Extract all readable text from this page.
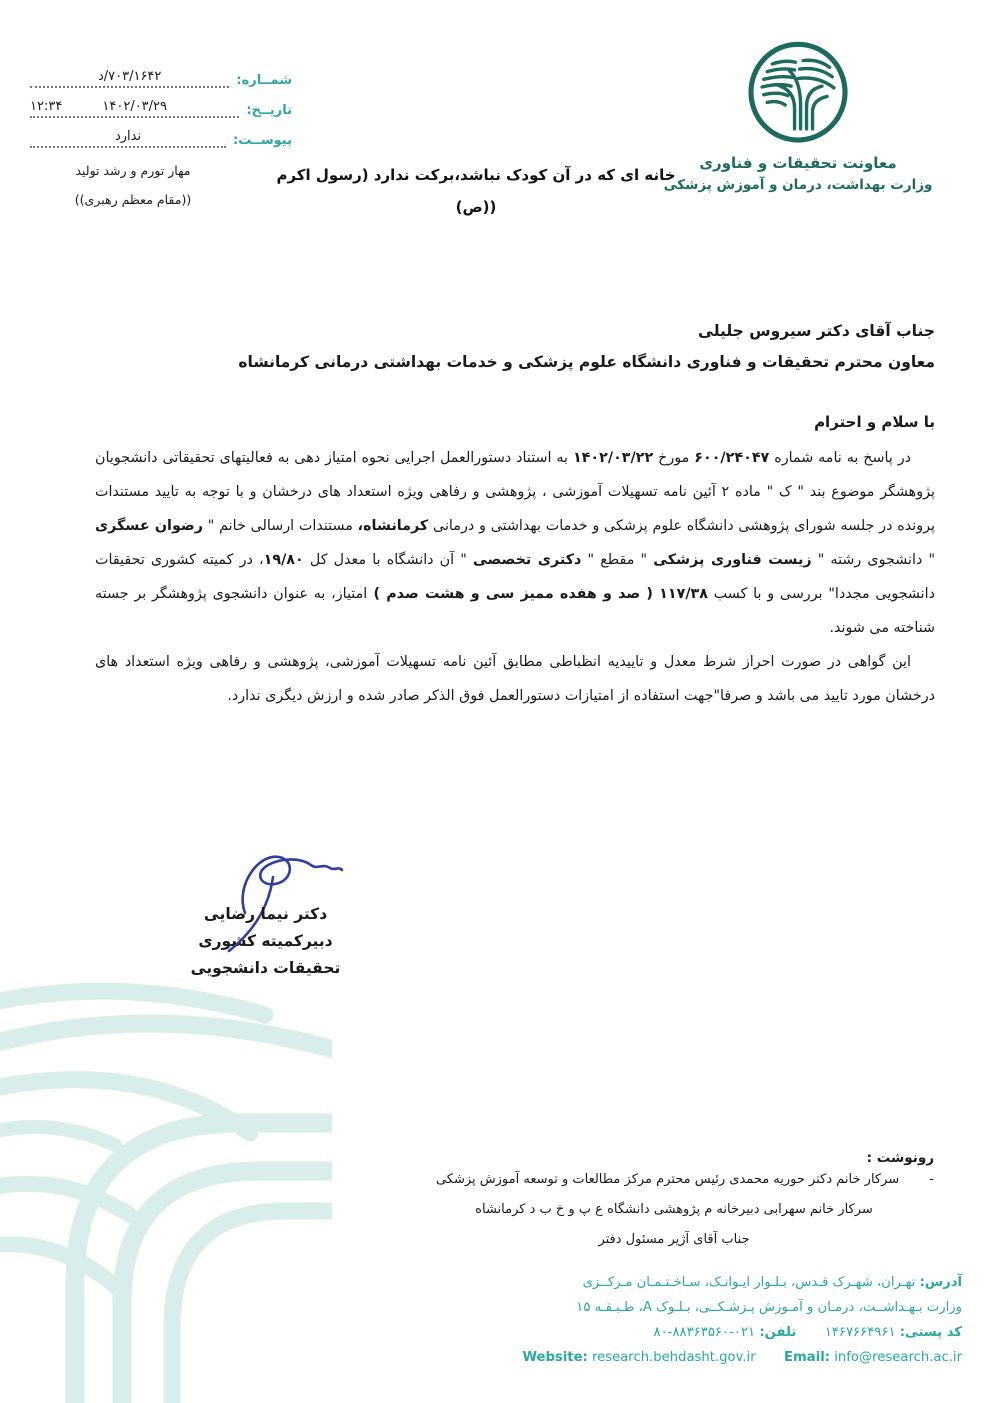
شمــاره:
۷۰۳/۱۶۴۲/د
تاریــخ:
۱۴۰۲/۰۳/۲۹
۱۲:۳۴
پیوســت:
ندارد
مهار تورم و رشد تولید
((مقام معظم رهبری))
خانه ای که در آن کودک نباشد،برکت ندارد (رسول اکرم
(ص))
معاونت تحقیقات و فناوری
وزارت بهداشت، درمان و آموزش پزشکی
جناب آقای دکتر سیروس جلیلی
معاون محترم تحقیقات و فناوری دانشگاه علوم پزشکی و خدمات بهداشتی درمانی کرمانشاه
با سلام و احترام

در پاسخ به نامه شماره ۶۰۰/۲۴۰۴۷ مورخ ۱۴۰۲/۰۳/۲۲ به استناد دستورالعمل اجرایی نحوه امتیاز دهی به فعالیتهای تحقیقاتی دانشجویان پژوهشگر موضوع بند " ک " ماده ۲ آئین نامه تسهیلات آموزشی ، پژوهشی و رفاهی ویژه استعداد های درخشان و با توجه به تایید مستندات پرونده در جلسه شورای پژوهشی دانشگاه علوم پزشکی و خدمات بهداشتی و درمانی کرمانشاه، مستندات ارسالی خانم " رضوان عسگری " دانشجوی رشته " زیست فناوری پزشکی " مقطع " دکتری تخصصی " آن دانشگاه با معدل کل ۱۹/۸۰، در کمیته کشوری تحقیقات دانشجویی مجددا" بررسی و با کسب ۱۱۷/۳۸ ( صد و هفده ممیز سی و هشت صدم ) امتیاز، به عنوان دانشجوی پژوهشگر بر جسته شناخته می شوند.

این گواهی در صورت احراز شرط معدل و تاییدیه انظباطی مطابق آئین نامه تسهیلات آموزشی، پژوهشی و رفاهی ویژه استعداد های درخشان مورد تایید می باشد و صرفا"جهت استفاده از امتیازات دستورالعمل فوق الذکر صادر شده و ارزش دیگری ندارد.

دکتر نیما رضایی
دبیرکمیته کشوری
تحقیقات دانشجویی
رونوشت :
- سرکار خانم دکتر حوریه محمدی رئیس محترم مرکز مطالعات و توسعه آموزش پزشکی
سرکار خانم سهرابی دبیرخانه م پژوهشی دانشگاه ع پ و خ ب د کرمانشاه
جناب آقای آژیر مسئول دفتر
آدرس: تهـران، شهـرک قـدس، بـلـوار ایـوانـک، سـاخـتـمـان مـرکــزی
وزارت بـهـداشــت، درمـان و آمـوزش پـزشـکــی، بـلـوک A، طـبـقـه ۱۵
کد پستی: ۱۴۶۷۶۶۴۹۶۱  تلفن: ۰۲۱-۸۸۳۶۳۵۶۰-۸۰
Website: research.behdasht.gov.ir Email: info@research.ac.ir
